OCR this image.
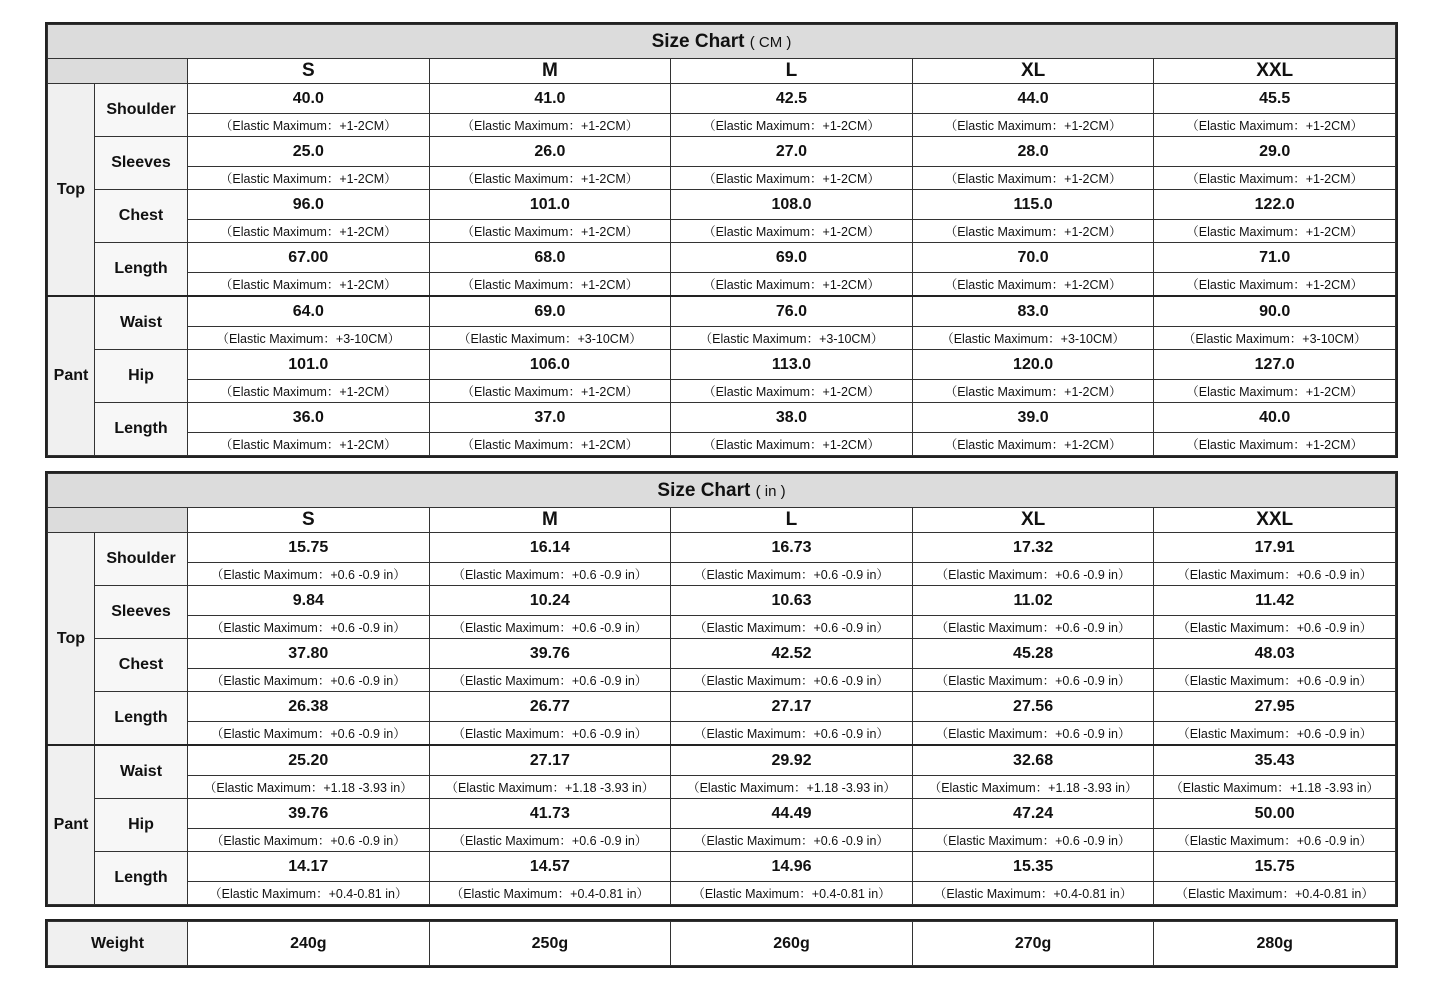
Size Chart ( CM )						
		S	M	L	XL	XXL
Top	Shoulder	40.0	41.0	42.5	44.0	45.5
		（Elastic Maximum：+1-2CM）	（Elastic Maximum：+1-2CM）	（Elastic Maximum：+1-2CM）	（Elastic Maximum：+1-2CM）	（Elastic Maximum：+1-2CM）
	Sleeves	25.0	26.0	27.0	28.0	29.0
		（Elastic Maximum：+1-2CM）	（Elastic Maximum：+1-2CM）	（Elastic Maximum：+1-2CM）	（Elastic Maximum：+1-2CM）	（Elastic Maximum：+1-2CM）
	Chest	96.0	101.0	108.0	115.0	122.0
		（Elastic Maximum：+1-2CM）	（Elastic Maximum：+1-2CM）	（Elastic Maximum：+1-2CM）	（Elastic Maximum：+1-2CM）	（Elastic Maximum：+1-2CM）
	Length	67.00	68.0	69.0	70.0	71.0
		（Elastic Maximum：+1-2CM）	（Elastic Maximum：+1-2CM）	（Elastic Maximum：+1-2CM）	（Elastic Maximum：+1-2CM）	（Elastic Maximum：+1-2CM）
Pant	Waist	64.0	69.0	76.0	83.0	90.0
		（Elastic Maximum：+3-10CM）	（Elastic Maximum：+3-10CM）	（Elastic Maximum：+3-10CM）	（Elastic Maximum：+3-10CM）	（Elastic Maximum：+3-10CM）
	Hip	101.0	106.0	113.0	120.0	127.0
		（Elastic Maximum：+1-2CM）	（Elastic Maximum：+1-2CM）	（Elastic Maximum：+1-2CM）	（Elastic Maximum：+1-2CM）	（Elastic Maximum：+1-2CM）
	Length	36.0	37.0	38.0	39.0	40.0
		（Elastic Maximum：+1-2CM）	（Elastic Maximum：+1-2CM）	（Elastic Maximum：+1-2CM）	（Elastic Maximum：+1-2CM）	（Elastic Maximum：+1-2CM）
Size Chart ( in )						
		S	M	L	XL	XXL
Top	Shoulder	15.75	16.14	16.73	17.32	17.91
		（Elastic Maximum：+0.6 -0.9 in）	（Elastic Maximum：+0.6 -0.9 in）	（Elastic Maximum：+0.6 -0.9 in）	（Elastic Maximum：+0.6 -0.9 in）	（Elastic Maximum：+0.6 -0.9 in）
	Sleeves	9.84	10.24	10.63	11.02	11.42
		（Elastic Maximum：+0.6 -0.9 in）	（Elastic Maximum：+0.6 -0.9 in）	（Elastic Maximum：+0.6 -0.9 in）	（Elastic Maximum：+0.6 -0.9 in）	（Elastic Maximum：+0.6 -0.9 in）
	Chest	37.80	39.76	42.52	45.28	48.03
		（Elastic Maximum：+0.6 -0.9 in）	（Elastic Maximum：+0.6 -0.9 in）	（Elastic Maximum：+0.6 -0.9 in）	（Elastic Maximum：+0.6 -0.9 in）	（Elastic Maximum：+0.6 -0.9 in）
	Length	26.38	26.77	27.17	27.56	27.95
		（Elastic Maximum：+0.6 -0.9 in）	（Elastic Maximum：+0.6 -0.9 in）	（Elastic Maximum：+0.6 -0.9 in）	（Elastic Maximum：+0.6 -0.9 in）	（Elastic Maximum：+0.6 -0.9 in）
Pant	Waist	25.20	27.17	29.92	32.68	35.43
		（Elastic Maximum：+1.18 -3.93 in）	（Elastic Maximum：+1.18 -3.93 in）	（Elastic Maximum：+1.18 -3.93 in）	（Elastic Maximum：+1.18 -3.93 in）	（Elastic Maximum：+1.18 -3.93 in）
	Hip	39.76	41.73	44.49	47.24	50.00
		（Elastic Maximum：+0.6 -0.9 in）	（Elastic Maximum：+0.6 -0.9 in）	（Elastic Maximum：+0.6 -0.9 in）	（Elastic Maximum：+0.6 -0.9 in）	（Elastic Maximum：+0.6 -0.9 in）
	Length	14.17	14.57	14.96	15.35	15.75
		（Elastic Maximum：+0.4-0.81 in）	（Elastic Maximum：+0.4-0.81 in）	（Elastic Maximum：+0.4-0.81 in）	（Elastic Maximum：+0.4-0.81 in）	（Elastic Maximum：+0.4-0.81 in）
Weight	240g	250g	260g	270g	280g
